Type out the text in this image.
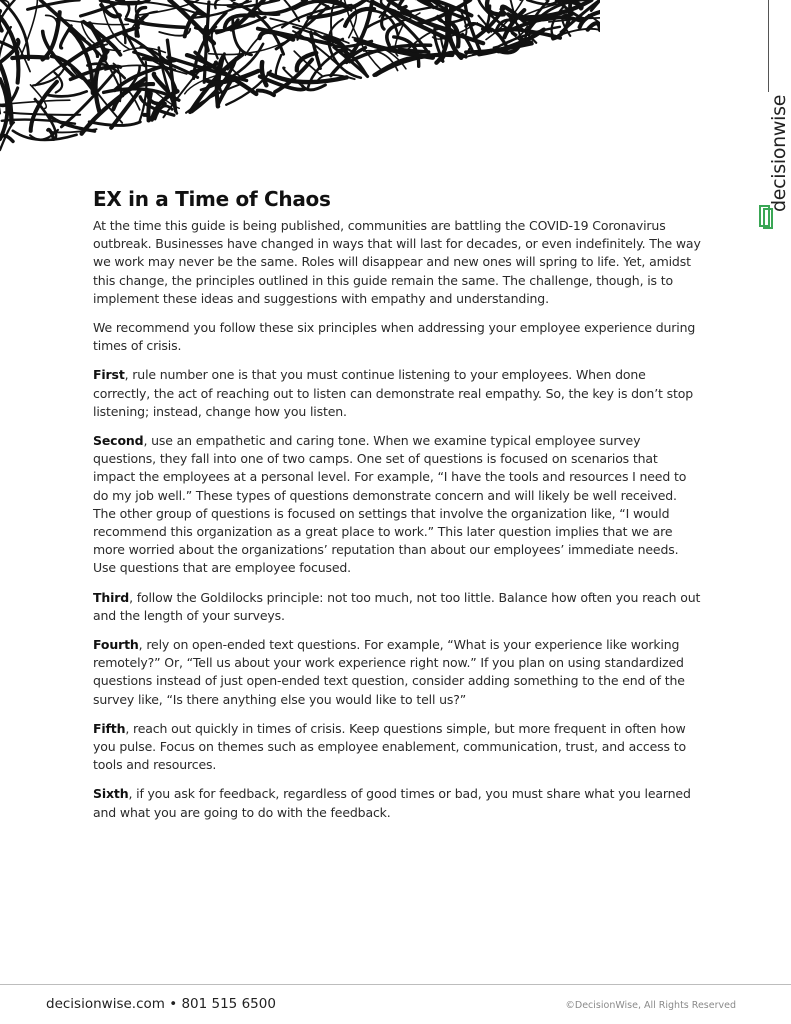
decisionwise
EX in a Time of Chaos

At the time this guide is being published, communities are battling the COVID-19 Coronavirus outbreak. Businesses have changed in ways that will last for decades, or even indefinitely. The way we work may never be the same. Roles will disappear and new ones will spring to life. Yet, amidst this change, the principles outlined in this guide remain the same. The challenge, though, is to implement these ideas and suggestions with empathy and understanding.

We recommend you follow these six principles when addressing your employee experience during times of crisis.

First, rule number one is that you must continue listening to your employees. When done correctly, the act of reaching out to listen can demonstrate real empathy. So, the key is don’t stop listening; instead, change how you listen.

Second, use an empathetic and caring tone. When we examine typical employee survey questions, they fall into one of two camps. One set of questions is focused on scenarios that impact the employees at a personal level. For example, “I have the tools and resources I need to do my job well.” These types of questions demonstrate concern and will likely be well received. The other group of questions is focused on settings that involve the organization like, “I would recommend this organization as a great place to work.” This later question implies that we are more worried about the organizations’ reputation than about our employees’ immediate needs. Use questions that are employee focused.

Third, follow the Goldilocks principle: not too much, not too little. Balance how often you reach out and the length of your surveys.

Fourth, rely on open-ended text questions. For example, “What is your experience like working remotely?” Or, “Tell us about your work experience right now.” If you plan on using standardized questions instead of just open-ended text question, consider adding something to the end of the survey like, “Is there anything else you would like to tell us?”

Fifth, reach out quickly in times of crisis. Keep questions simple, but more frequent in often how you pulse. Focus on themes such as employee enablement, communication, trust, and access to tools and resources.

Sixth, if you ask for feedback, regardless of good times or bad, you must share what you learned and what you are going to do with the feedback.

decisionwise.com • 801 515 6500	©DecisionWise, All Rights Reserved
